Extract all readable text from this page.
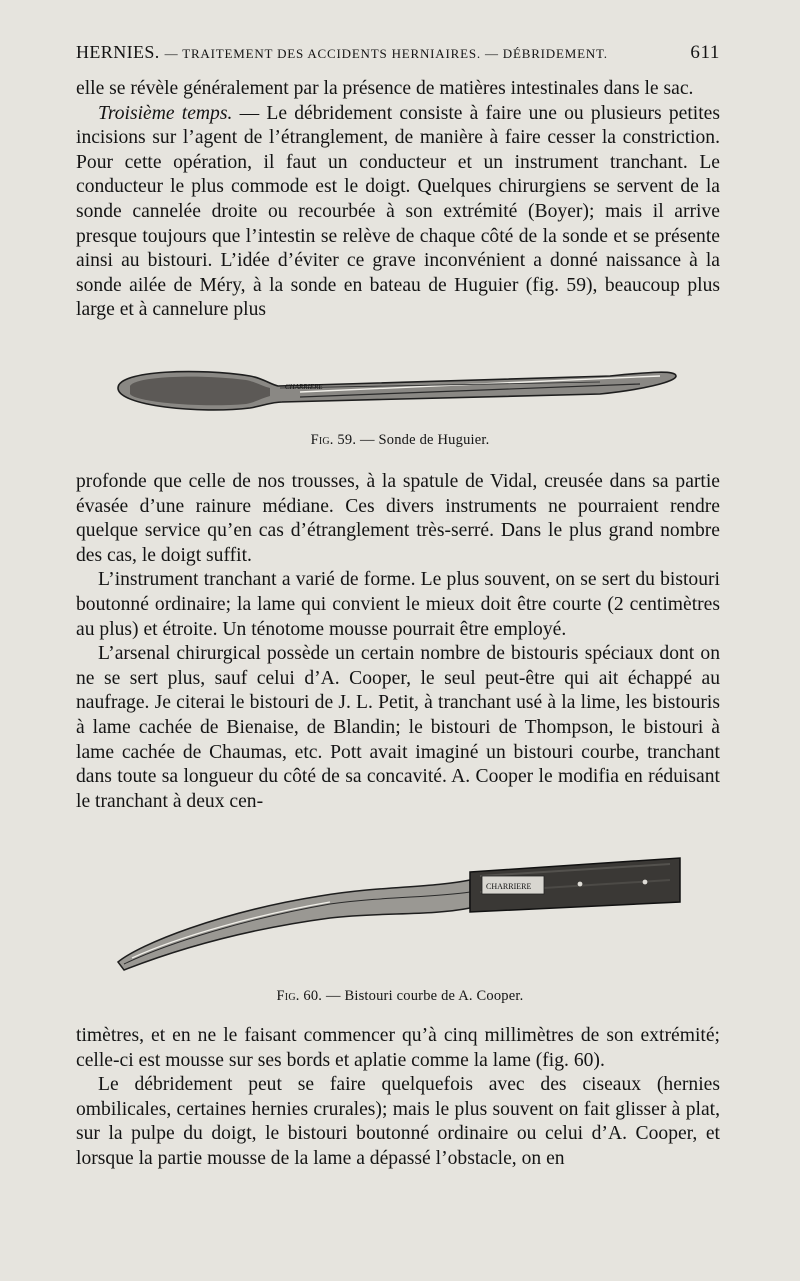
HERNIES. — TRAITEMENT DES ACCIDENTS HERNIAIRES. — DÉBRIDEMENT.	611

elle se révèle généralement par la présence de matières intestinales dans le sac.

Troisième temps. — Le débridement consiste à faire une ou plusieurs petites incisions sur l’agent de l’étranglement, de manière à faire cesser la constriction. Pour cette opération, il faut un conducteur et un instrument tranchant. Le conducteur le plus commode est le doigt. Quelques chirurgiens se servent de la sonde cannelée droite ou recourbée à son extrémité (Boyer); mais il arrive presque toujours que l’intestin se relève de chaque côté de la sonde et se présente ainsi au bistouri. L’idée d’éviter ce grave inconvénient a donné naissance à la sonde ailée de Méry, à la sonde en bateau de Huguier (fig. 59), beaucoup plus large et à cannelure plus

CHARRIERE
Fig. 59. — Sonde de Huguier.

profonde que celle de nos trousses, à la spatule de Vidal, creusée dans sa partie évasée d’une rainure médiane. Ces divers instruments ne pourraient rendre quelque service qu’en cas d’étranglement très-serré. Dans le plus grand nombre des cas, le doigt suffit.

L’instrument tranchant a varié de forme. Le plus souvent, on se sert du bistouri boutonné ordinaire; la lame qui convient le mieux doit être courte (2 centimètres au plus) et étroite. Un ténotome mousse pourrait être employé.

L’arsenal chirurgical possède un certain nombre de bistouris spéciaux dont on ne se sert plus, sauf celui d’A. Cooper, le seul peut-être qui ait échappé au naufrage. Je citerai le bistouri de J. L. Petit, à tranchant usé à la lime, les bistouris à lame cachée de Bienaise, de Blandin; le bistouri de Thompson, le bistouri à lame cachée de Chaumas, etc. Pott avait imaginé un bistouri courbe, tranchant dans toute sa longueur du côté de sa concavité. A. Cooper le modifia en réduisant le tranchant à deux cen-

CHARRIERE
Fig. 60. — Bistouri courbe de A. Cooper.

timètres, et en ne le faisant commencer qu’à cinq millimètres de son extrémité; celle-ci est mousse sur ses bords et aplatie comme la lame (fig. 60).

Le débridement peut se faire quelquefois avec des ciseaux (hernies ombilicales, certaines hernies crurales); mais le plus souvent on fait glisser à plat, sur la pulpe du doigt, le bistouri boutonné ordinaire ou celui d’A. Cooper, et lorsque la partie mousse de la lame a dépassé l’obstacle, on en
